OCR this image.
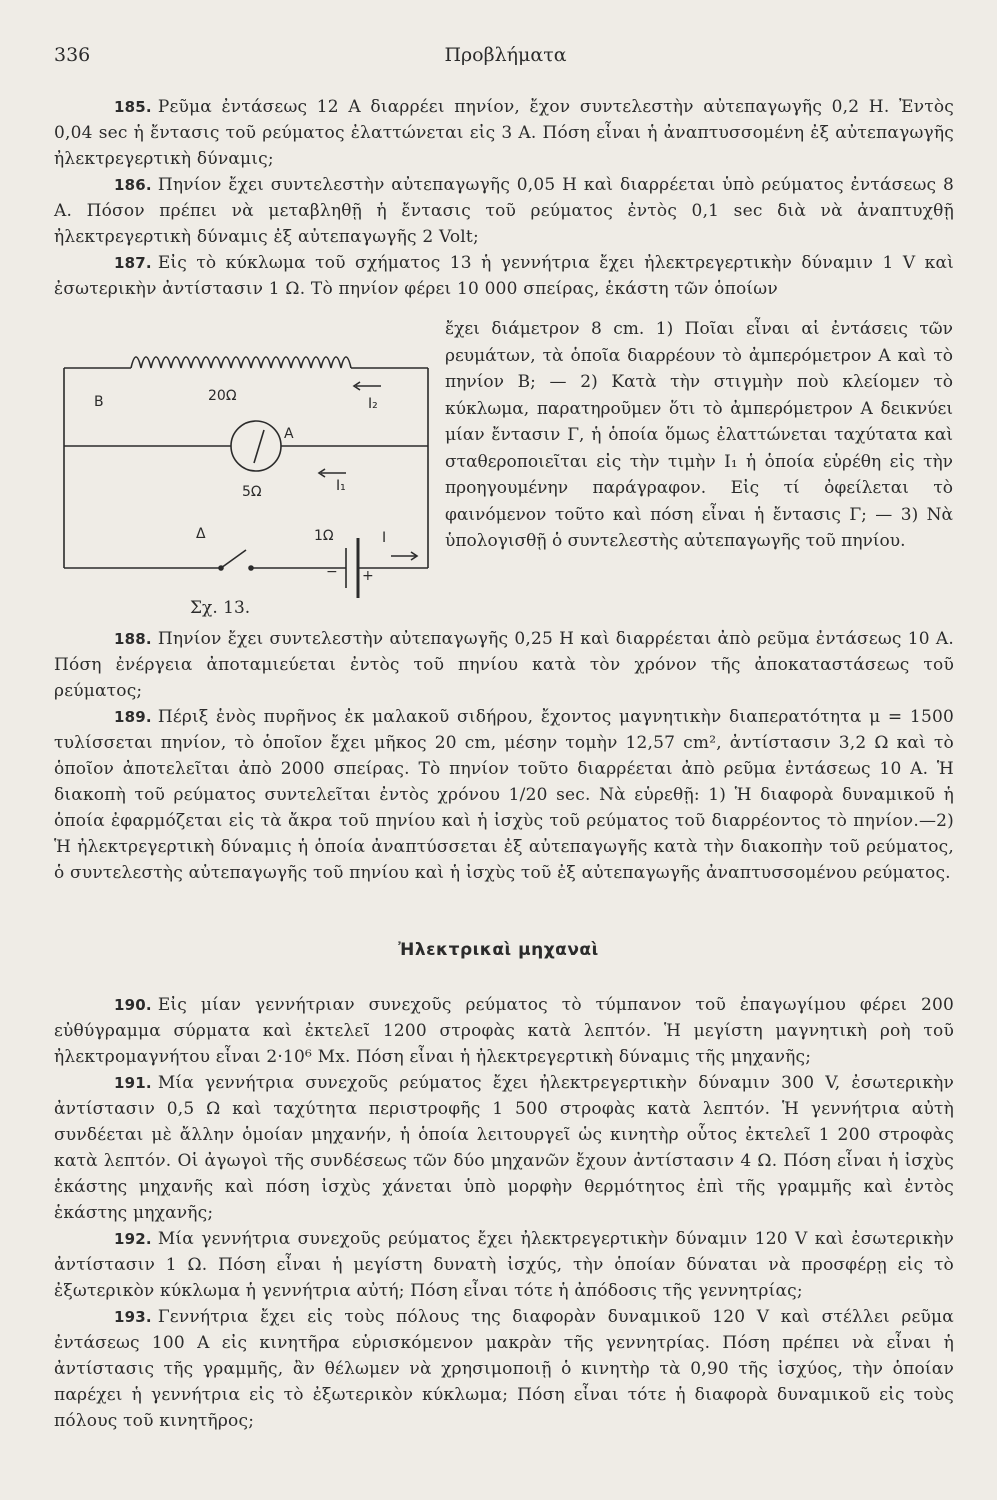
336	Προβλήματα

185. Ρεῦμα ἐντάσεως 12 A διαρρέει πηνίον, ἔχον συντελεστὴν αὐτεπαγωγῆς 0,2 H. Ἐντὸς 0,04 sec ἡ ἔντασις τοῦ ρεύματος ἐλαττώνεται εἰς 3 A. Πόση εἶναι ἡ ἀναπτυσσομένη ἐξ αὐτεπαγωγῆς ἠλεκτρεγερτικὴ δύναμις;

186. Πηνίον ἔχει συντελεστὴν αὐτεπαγωγῆς 0,05 H καὶ διαρρέεται ὑπὸ ρεύματος ἐντάσεως 8 A. Πόσον πρέπει νὰ μεταβληθῇ ἡ ἔντασις τοῦ ρεύματος ἐντὸς 0,1 sec διὰ νὰ ἀναπτυχθῇ ἠλεκτρεγερτικὴ δύναμις ἐξ αὐτεπαγωγῆς 2 Volt;

187. Εἰς τὸ κύκλωμα τοῦ σχήματος 13 ἡ γεννήτρια ἔχει ἠλεκτρεγερτικὴν δύναμιν 1 V καὶ ἐσωτερικὴν ἀντίστασιν 1 Ω. Τὸ πηνίον φέρει 10 000 σπείρας, ἑκάστη τῶν ὁποίων

B	20Ω	I₂
A
5Ω	I₁
Δ	1Ω	I
− +
Σχ. 13.
ἔχει διάμετρον 8 cm. 1) Ποῖαι εἶναι αἱ ἐντάσεις τῶν ρευμάτων, τὰ ὁποῖα διαρρέουν τὸ ἀμπερόμετρον A καὶ τὸ πηνίον B; — 2) Κατὰ τὴν στιγμὴν ποὺ κλείομεν τὸ κύκλωμα, παρατηροῦμεν ὅτι τὸ ἀμπερόμετρον A δεικνύει μίαν ἔντασιν Γ, ἡ ὁποία ὅμως ἐλαττώνεται ταχύτατα καὶ σταθεροποιεῖται εἰς τὴν τιμὴν I₁ ἡ ὁποία εὑρέθη εἰς τὴν προηγουμένην παράγραφον. Εἰς τί ὀφείλεται τὸ φαινόμενον τοῦτο καὶ πόση εἶναι ἡ ἔντασις Γ; — 3) Νὰ ὑπολογισθῇ ὁ συντελεστὴς αὐτεπαγωγῆς τοῦ πηνίου.

188. Πηνίον ἔχει συντελεστὴν αὐτεπαγωγῆς 0,25 H καὶ διαρρέεται ἀπὸ ρεῦμα ἐντάσεως 10 A. Πόση ἐνέργεια ἀποταμιεύεται ἐντὸς τοῦ πηνίου κατὰ τὸν χρόνον τῆς ἀποκαταστάσεως τοῦ ρεύματος;

189. Πέριξ ἑνὸς πυρῆνος ἐκ μαλακοῦ σιδήρου, ἔχοντος μαγνητικὴν διαπερατότητα μ = 1500 τυλίσσεται πηνίον, τὸ ὁποῖον ἔχει μῆκος 20 cm, μέσην τομὴν 12,57 cm², ἀντίστασιν 3,2 Ω καὶ τὸ ὁποῖον ἀποτελεῖται ἀπὸ 2000 σπείρας. Τὸ πηνίον τοῦτο διαρρέεται ἀπὸ ρεῦμα ἐντάσεως 10 A. Ἡ διακοπὴ τοῦ ρεύματος συντελεῖται ἐντὸς χρόνου 1/20 sec. Νὰ εὑρεθῇ: 1) Ἡ διαφορὰ δυναμικοῦ ἡ ὁποία ἐφαρμόζεται εἰς τὰ ἄκρα τοῦ πηνίου καὶ ἡ ἰσχὺς τοῦ ρεύματος τοῦ διαρρέοντος τὸ πηνίον.—2) Ἡ ἠλεκτρεγερτικὴ δύναμις ἡ ὁποία ἀναπτύσσεται ἐξ αὐτεπαγωγῆς κατὰ τὴν διακοπὴν τοῦ ρεύματος, ὁ συντελεστὴς αὐτεπαγωγῆς τοῦ πηνίου καὶ ἡ ἰσχὺς τοῦ ἐξ αὐτεπαγωγῆς ἀναπτυσσομένου ρεύματος.

Ἠλεκτρικαὶ μηχαναὶ

190. Εἰς μίαν γεννήτριαν συνεχοῦς ρεύματος τὸ τύμπανον τοῦ ἐπαγωγίμου φέρει 200 εὐθύγραμμα σύρματα καὶ ἐκτελεῖ 1200 στροφὰς κατὰ λεπτόν. Ἡ μεγίστη μαγνητικὴ ροὴ τοῦ ἠλεκτρομαγνήτου εἶναι 2·10⁶ Mx. Πόση εἶναι ἡ ἠλεκτρεγερτικὴ δύναμις τῆς μηχανῆς;

191. Μία γεννήτρια συνεχοῦς ρεύματος ἔχει ἠλεκτρεγερτικὴν δύναμιν 300 V, ἐσωτερικὴν ἀντίστασιν 0,5 Ω καὶ ταχύτητα περιστροφῆς 1 500 στροφὰς κατὰ λεπτόν. Ἡ γεννήτρια αὐτὴ συνδέεται μὲ ἄλλην ὁμοίαν μηχανήν, ἡ ὁποία λειτουργεῖ ὡς κινητὴρ οὗτος ἐκτελεῖ 1 200 στροφὰς κατὰ λεπτόν. Οἱ ἀγωγοὶ τῆς συνδέσεως τῶν δύο μηχανῶν ἔχουν ἀντίστασιν 4 Ω. Πόση εἶναι ἡ ἰσχὺς ἑκάστης μηχανῆς καὶ πόση ἰσχὺς χάνεται ὑπὸ μορφὴν θερμότητος ἐπὶ τῆς γραμμῆς καὶ ἐντὸς ἑκάστης μηχανῆς;

192. Μία γεννήτρια συνεχοῦς ρεύματος ἔχει ἠλεκτρεγερτικὴν δύναμιν 120 V καὶ ἐσωτερικὴν ἀντίστασιν 1 Ω. Πόση εἶναι ἡ μεγίστη δυνατὴ ἰσχύς, τὴν ὁποίαν δύναται νὰ προσφέρῃ εἰς τὸ ἐξωτερικὸν κύκλωμα ἡ γεννήτρια αὐτή; Πόση εἶναι τότε ἡ ἀπόδοσις τῆς γεννητρίας;

193. Γεννήτρια ἔχει εἰς τοὺς πόλους της διαφορὰν δυναμικοῦ 120 V καὶ στέλλει ρεῦμα ἐντάσεως 100 A εἰς κινητῆρα εὑρισκόμενον μακρὰν τῆς γεννητρίας. Πόση πρέπει νὰ εἶναι ἡ ἀντίστασις τῆς γραμμῆς, ἂν θέλωμεν νὰ χρησιμοποιῇ ὁ κινητὴρ τὰ 0,90 τῆς ἰσχύος, τὴν ὁποίαν παρέχει ἡ γεννήτρια εἰς τὸ ἐξωτερικὸν κύκλωμα; Πόση εἶναι τότε ἡ διαφορὰ δυναμικοῦ εἰς τοὺς πόλους τοῦ κινητῆρος;
